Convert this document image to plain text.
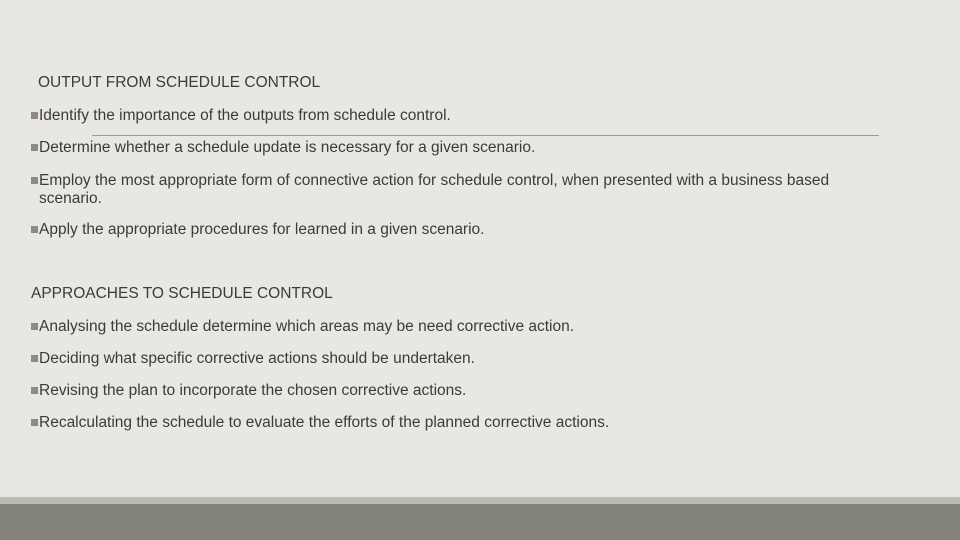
OUTPUT FROM SCHEDULE CONTROL
Identify the importance of the outputs from schedule control.
Determine whether a schedule update is necessary for a given scenario.
Employ the most appropriate form of connective action for schedule control, when presented with a business based scenario.
Apply the appropriate procedures for learned in a given scenario.
APPROACHES TO SCHEDULE CONTROL
Analysing the schedule determine which areas may be need corrective action.
Deciding what specific corrective actions should be undertaken.
Revising the plan to incorporate the chosen corrective actions.
Recalculating the schedule to evaluate the efforts of the planned corrective actions.
